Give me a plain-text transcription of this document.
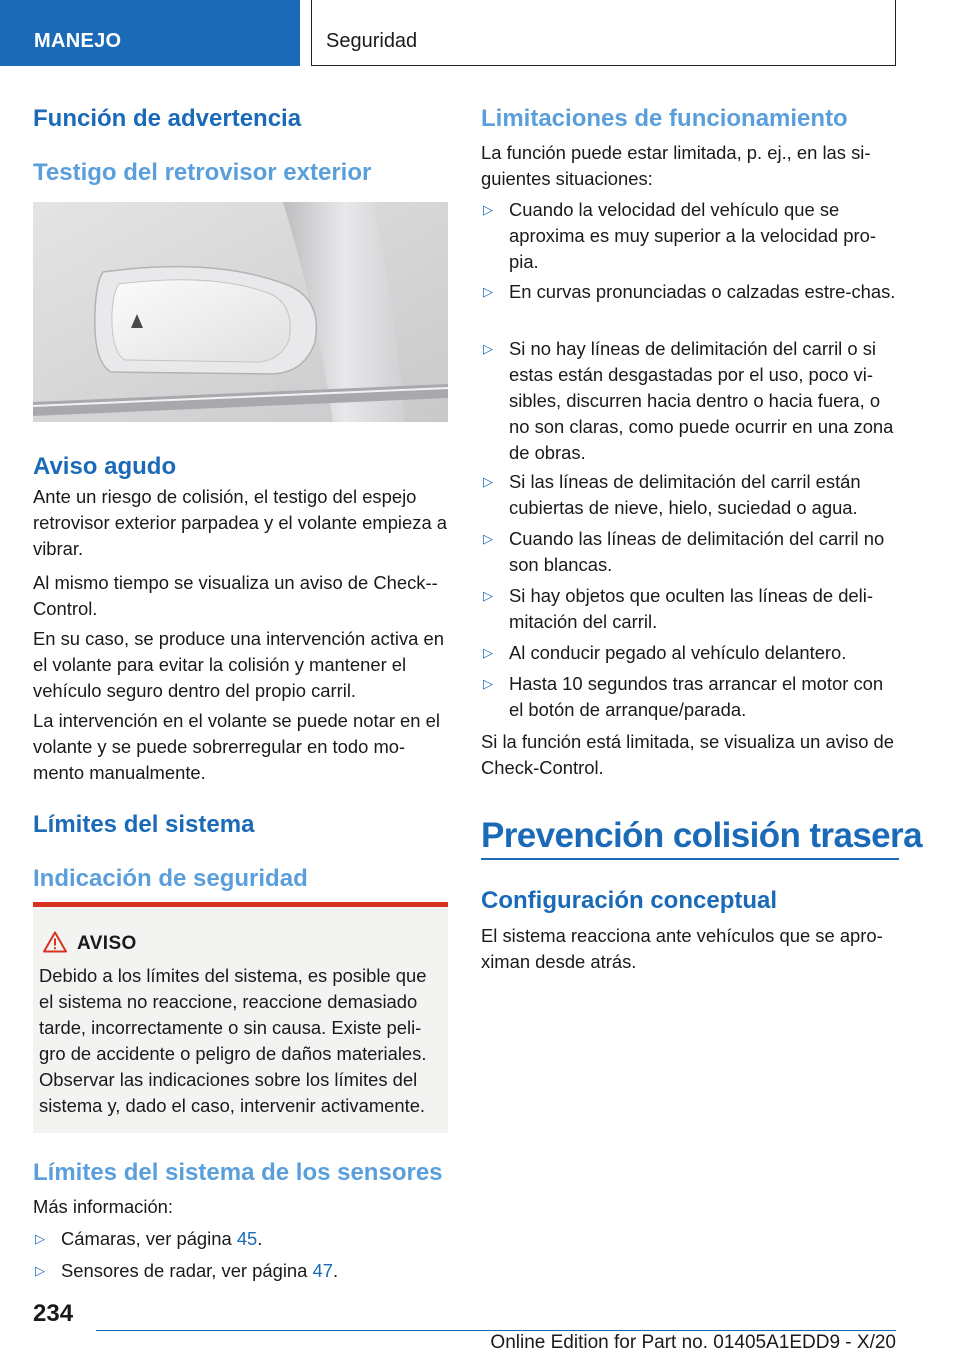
MANEJO	Seguridad
Función de advertencia
Testigo del retrovisor exterior
Aviso agudo
Ante un riesgo de colisión, el testigo del espejo retrovisor exterior parpadea y el volante empieza a vibrar.
Al mismo tiempo se visualiza un aviso de Check--Control.
En su caso, se produce una intervención activa en el volante para evitar la colisión y mantener el vehículo seguro dentro del propio carril.
La intervención en el volante se puede notar en el volante y se puede sobrerregular en todo mo-mento manualmente.
Límites del sistema
Indicación de seguridad
AVISO
Debido a los límites del sistema, es posible que el sistema no reaccione, reaccione demasiado tarde, incorrectamente o sin causa. Existe peli-gro de accidente o peligro de daños materiales. Observar las indicaciones sobre los límites del sistema y, dado el caso, intervenir activamente.
Límites del sistema de los sensores
Más información:
▷ Cámaras, ver página 45.
▷ Sensores de radar, ver página 47.
Limitaciones de funcionamiento
La función puede estar limitada, p. ej., en las si-guientes situaciones:
▷ Cuando la velocidad del vehículo que se aproxima es muy superior a la velocidad pro-pia.
▷ En curvas pronunciadas o calzadas estre-chas.
▷ Si no hay líneas de delimitación del carril o si estas están desgastadas por el uso, poco vi-sibles, discurren hacia dentro o hacia fuera, o no son claras, como puede ocurrir en una zona de obras.
▷ Si las líneas de delimitación del carril están cubiertas de nieve, hielo, suciedad o agua.
▷ Cuando las líneas de delimitación del carril no son blancas.
▷ Si hay objetos que oculten las líneas de deli-mitación del carril.
▷ Al conducir pegado al vehículo delantero.
▷ Hasta 10 segundos tras arrancar el motor con el botón de arranque/parada.
Si la función está limitada, se visualiza un aviso de Check-Control.
Prevención colisión trasera
Configuración conceptual
El sistema reacciona ante vehículos que se apro-ximan desde atrás.
234
Online Edition for Part no. 01405A1EDD9 - X/20
